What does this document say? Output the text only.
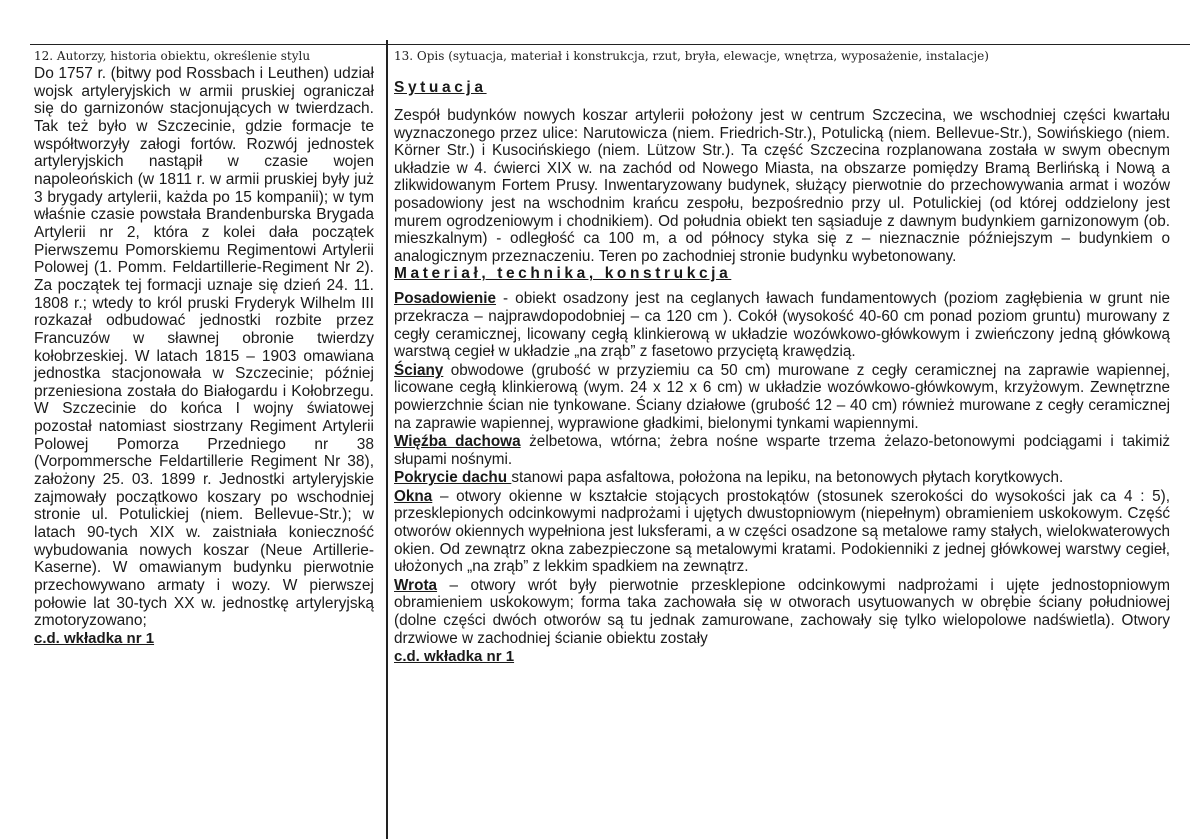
12. Autorzy, historia obiektu, określenie stylu

Do 1757 r. (bitwy pod Rossbach i Leuthen) udział wojsk artyleryjskich w armii pruskiej ograniczał się do garnizonów stacjonujących w twierdzach. Tak też było w Szczecinie, gdzie formacje te współtworzyły załogi fortów. Rozwój jednostek artyleryjskich nastąpił w czasie wojen napoleońskich (w 1811 r. w armii pruskiej były już 3 brygady artylerii, każda po 15 kompanii); w tym właśnie czasie powstała Brandenburska Brygada Artylerii nr 2, która z kolei dała początek Pierwszemu Pomorskiemu Regimentowi Artylerii Polowej (1. Pomm. Feldartillerie-Regiment Nr 2). Za początek tej formacji uznaje się dzień 24. 11. 1808 r.; wtedy to król pruski Fryderyk Wilhelm III rozkazał odbudować jednostki rozbite przez Francuzów w sławnej obronie twierdzy kołobrzeskiej. W latach 1815 – 1903 omawiana jednostka stacjonowała w Szczecinie; później przeniesiona została do Białogardu i Kołobrzegu. W Szczecinie do końca I wojny światowej pozostał natomiast siostrzany Regiment Artylerii Polowej Pomorza Przedniego nr 38 (Vorpommersche Feldartillerie Regiment Nr 38), założony 25. 03. 1899 r. Jednostki artyleryjskie zajmowały początkowo koszary po wschodniej stronie ul. Potulickiej (niem. Bellevue-Str.); w latach 90-tych XIX w. zaistniała konieczność wybudowania nowych koszar (Neue Artillerie-Kaserne). W omawianym budynku pierwotnie przechowywano armaty i wozy. W pierwszej połowie lat 30-tych XX w. jednostkę artyleryjską zmotoryzowano;

c.d. wkładka nr 1

13. Opis (sytuacja, materiał i konstrukcja, rzut, bryła, elewacje, wnętrza, wyposażenie, instalacje)

Sytuacja

Zespół budynków nowych koszar artylerii położony jest w centrum Szczecina, we wschodniej części kwartału wyznaczonego przez ulice: Narutowicza (niem. Friedrich-Str.), Potulicką (niem. Bellevue-Str.), Sowińskiego (niem. Körner Str.) i Kusocińskiego (niem. Lützow Str.). Ta część Szczecina rozplanowana została w swym obecnym układzie w 4. ćwierci XIX w. na zachód od Nowego Miasta, na obszarze pomiędzy Bramą Berlińską i Nową a zlikwidowanym Fortem Prusy. Inwentaryzowany budynek, służący pierwotnie do przechowywania armat i wozów posadowiony jest na wschodnim krańcu zespołu, bezpośrednio przy ul. Potulickiej (od której oddzielony jest murem ogrodzeniowym i chodnikiem). Od południa obiekt ten sąsiaduje z dawnym budynkiem garnizonowym (ob. mieszkalnym) - odległość ca 100 m, a od północy styka się z – nieznacznie późniejszym – budynkiem o analogicznym przeznaczeniu. Teren po zachodniej stronie budynku wybetonowany.

Materiał, technika, konstrukcja

Posadowienie - obiekt osadzony jest na ceglanych ławach fundamentowych (poziom zagłębienia w grunt nie przekracza – najprawdopodobniej – ca 120 cm ). Cokół (wysokość 40-60 cm ponad poziom gruntu) murowany z cegły ceramicznej, licowany cegłą klinkierową w układzie wozówkowo-główkowym i zwieńczony jedną główkową warstwą cegieł w układzie „na zrąb” z fasetowo przyciętą krawędzią.

Ściany obwodowe (grubość w przyziemiu ca 50 cm) murowane z cegły ceramicznej na zaprawie wapiennej, licowane cegłą klinkierową (wym. 24 x 12 x 6 cm) w układzie wozówkowo-główkowym, krzyżowym. Zewnętrzne powierzchnie ścian nie tynkowane. Ściany działowe (grubość 12 – 40 cm) również murowane z cegły ceramicznej na zaprawie wapiennej, wyprawione gładkimi, bielonymi tynkami wapiennymi.

Więźba dachowa żelbetowa, wtórna; żebra nośne wsparte trzema żelazo-betonowymi podciągami i takimiż słupami nośnymi.

Pokrycie dachu stanowi papa asfaltowa, położona na lepiku, na betonowych płytach korytkowych.

Okna – otwory okienne w kształcie stojących prostokątów (stosunek szerokości do wysokości jak ca 4 : 5), przesklepionych odcinkowymi nadprożami i ujętych dwustopniowym (niepełnym) obramieniem uskokowym. Część otworów okiennych wypełniona jest luksferami, a w części osadzone są metalowe ramy stałych, wielokwaterowych okien. Od zewnątrz okna zabezpieczone są metalowymi kratami. Podokienniki z jednej główkowej warstwy cegieł, ułożonych „na zrąb” z lekkim spadkiem na zewnątrz.

Wrota – otwory wrót były pierwotnie przesklepione odcinkowymi nadprożami i ujęte jednostopniowym obramieniem uskokowym; forma taka zachowała się w otworach usytuowanych w obrębie ściany południowej (dolne części dwóch otworów są tu jednak zamurowane, zachowały się tylko wielopolowe nadświetla). Otwory drzwiowe w zachodniej ścianie obiektu zostały

c.d. wkładka nr 1
